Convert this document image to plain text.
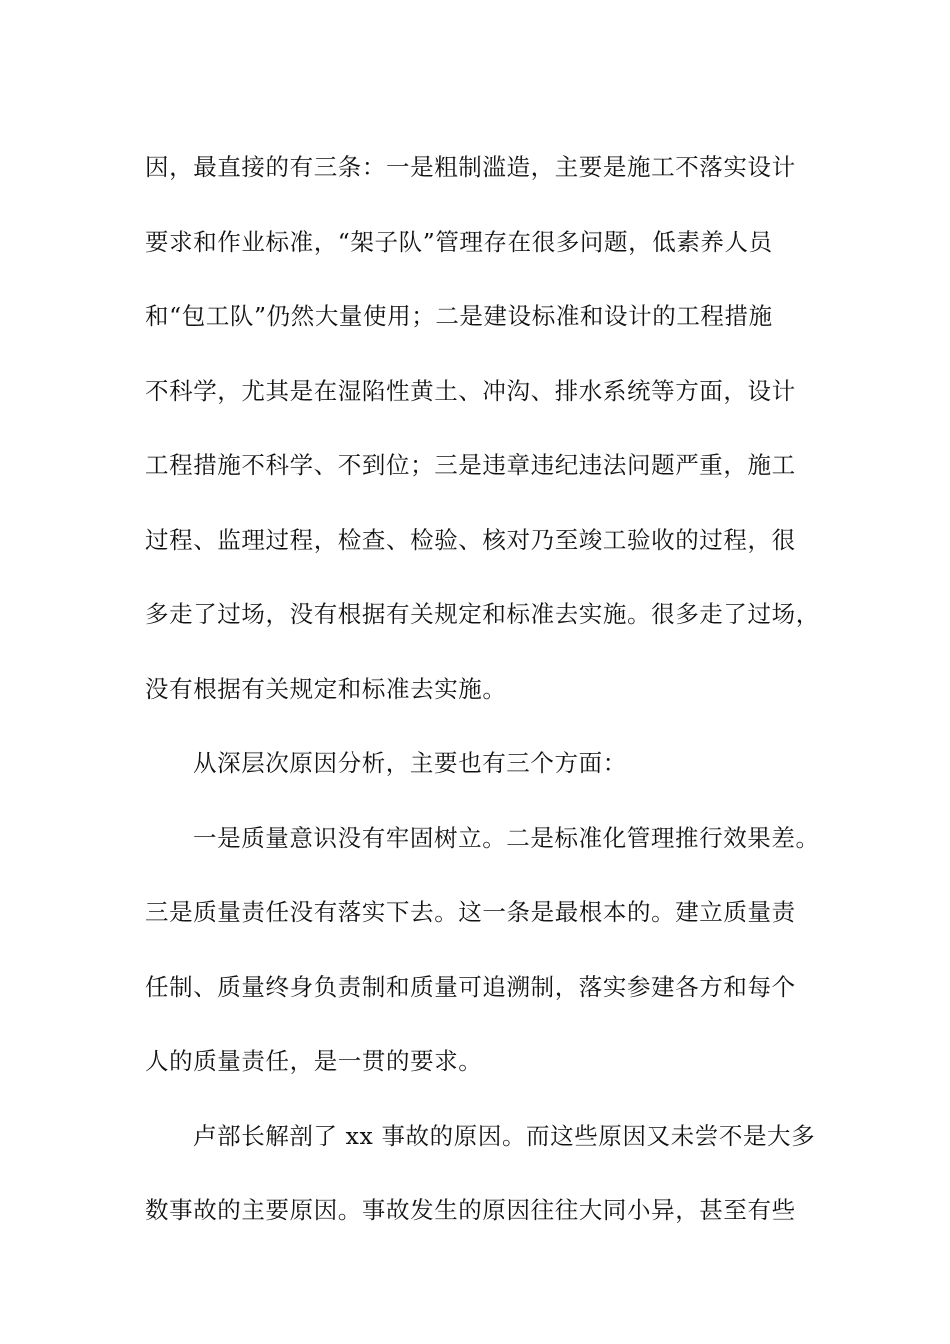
因，最直接的有三条：一是粗制滥造，主要是施工不落实设计
要求和作业标准，“架子队”管理存在很多问题，低素养人员
和“包工队”仍然大量使用；二是建设标准和设计的工程措施
不科学，尤其是在湿陷性黄土、冲沟、排水系统等方面，设计
工程措施不科学、不到位；三是违章违纪违法问题严重，施工
过程、监理过程，检查、检验、核对乃至竣工验收的过程，很
多走了过场，没有根据有关规定和标准去实施。很多走了过场，
没有根据有关规定和标准去实施。
从深层次原因分析，主要也有三个方面：
一是质量意识没有牢固树立。二是标准化管理推行效果差。
三是质量责任没有落实下去。这一条是最根本的。建立质量责
任制、质量终身负责制和质量可追溯制，落实参建各方和每个
人的质量责任，是一贯的要求。
卢部长解剖了 xx 事故的原因。而这些原因又未尝不是大多
数事故的主要原因。事故发生的原因往往大同小异，甚至有些
